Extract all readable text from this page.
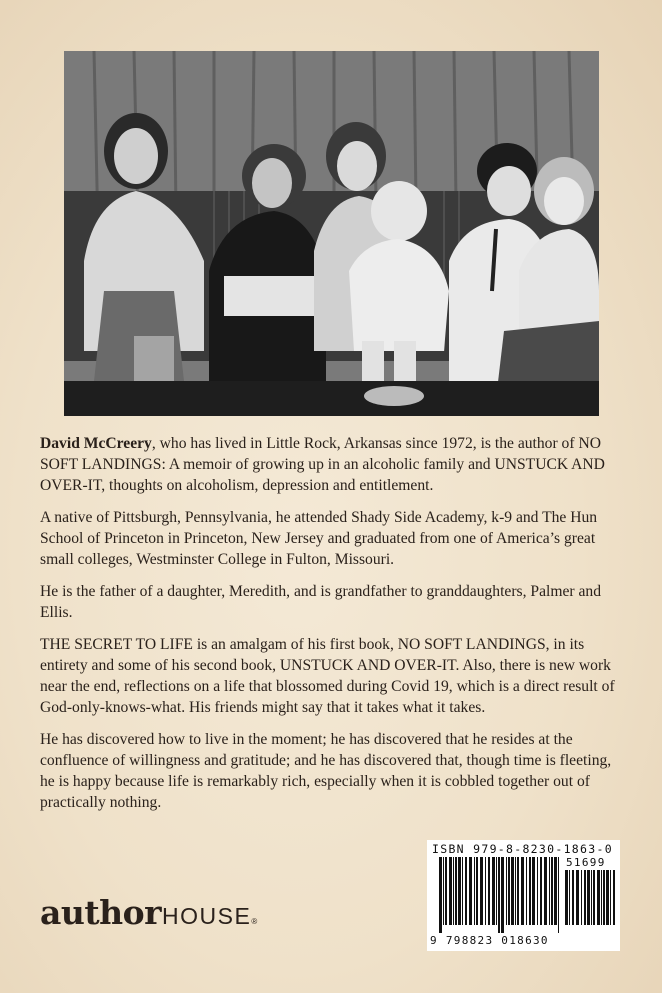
David McCreery, who has lived in Little Rock, Arkansas since 1972, is the author of NO SOFT LANDINGS: A memoir of growing up in an alcoholic family and UNSTUCK AND OVER-IT, thoughts on alcoholism, depression and entitlement.

A native of Pittsburgh, Pennsylvania, he attended Shady Side Academy, k-9 and The Hun School of Princeton in Princeton, New Jersey and graduated from one of America’s great small colleges, Westminster College in Fulton, Missouri.

He is the father of a daughter, Meredith, and is grandfather to granddaughters, Palmer and Ellis.

THE SECRET TO LIFE is an amalgam of his first book, NO SOFT LANDINGS, in its entirety and some of his second book, UNSTUCK AND OVER-IT. Also, there is new work near the end, reflections on a life that blossomed during Covid 19, which is a direct result of God-only-knows-what. His friends might say that it takes what it takes.

He has discovered how to live in the moment; he has discovered that he resides at the confluence of willingness and gratitude; and he has discovered that, though time is fleeting, he is happy because life is remarkably rich, especially when it is cobbled together out of practically nothing.

author HOUSE ®
ISBN 979-8-8230-1863-0
51699
9 798823 018630
